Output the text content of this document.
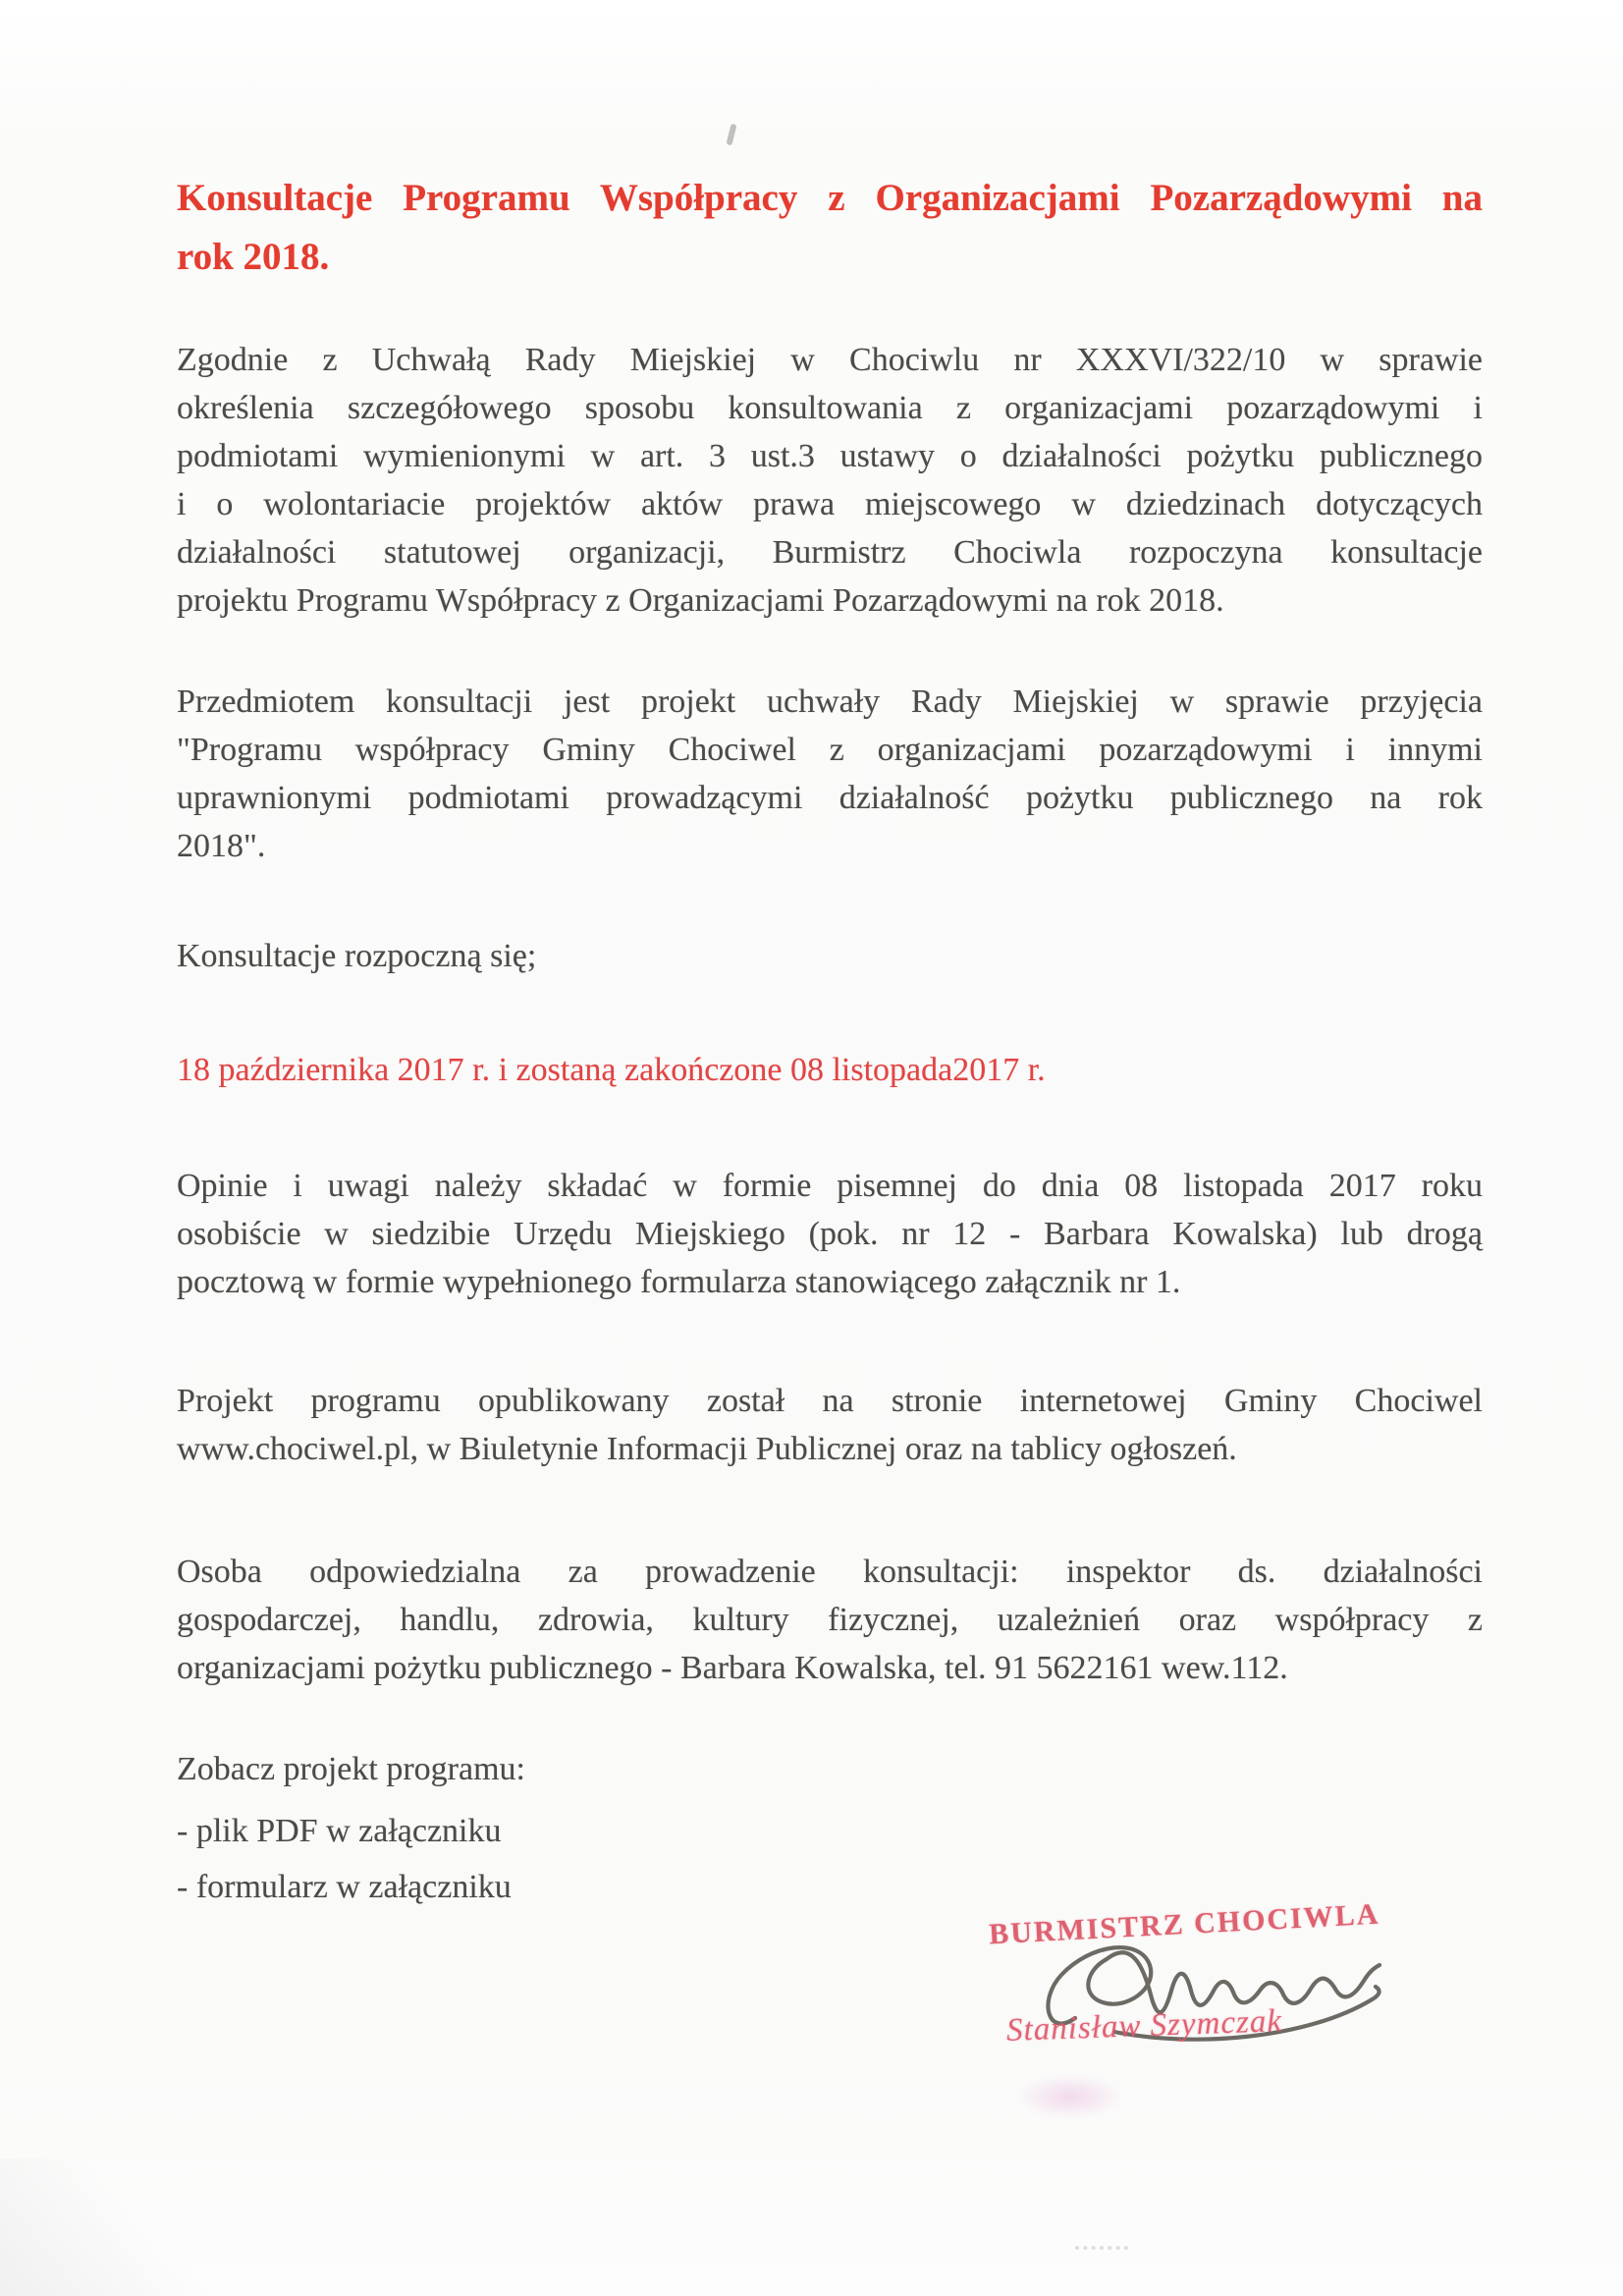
Konsultacje Programu Współpracy z Organizacjami Pozarządowymi na
rok 2018.
Zgodnie z Uchwałą Rady Miejskiej w Chociwlu nr XXXVI/322/10 w sprawie
określenia szczegółowego sposobu konsultowania z organizacjami pozarządowymi i
podmiotami wymienionymi w art. 3 ust.3 ustawy o działalności pożytku publicznego
i o wolontariacie projektów aktów prawa miejscowego w dziedzinach dotyczących
działalności statutowej organizacji, Burmistrz Chociwla rozpoczyna konsultacje
projektu Programu Współpracy z Organizacjami Pozarządowymi na rok 2018.
Przedmiotem konsultacji jest projekt uchwały Rady Miejskiej w sprawie przyjęcia
"Programu współpracy Gminy Chociwel z organizacjami pozarządowymi i innymi
uprawnionymi podmiotami prowadzącymi działalność pożytku publicznego na rok
2018".
Konsultacje rozpoczną się;
18 października 2017 r. i zostaną zakończone 08 listopada2017 r.
Opinie i uwagi należy składać w formie pisemnej do dnia 08 listopada 2017 roku
osobiście w siedzibie Urzędu Miejskiego (pok. nr 12 - Barbara Kowalska) lub drogą
pocztową w formie wypełnionego formularza stanowiącego załącznik nr 1.
Projekt programu opublikowany został na stronie internetowej Gminy Chociwel
www.chociwel.pl, w Biuletynie Informacji Publicznej oraz na tablicy ogłoszeń.
Osoba odpowiedzialna za prowadzenie konsultacji: inspektor ds. działalności
gospodarczej, handlu, zdrowia, kultury fizycznej, uzależnień oraz współpracy z
organizacjami pożytku publicznego - Barbara Kowalska, tel. 91 5622161 wew.112.
Zobacz projekt programu:
- plik PDF w załączniku
- formularz w załączniku
BURMISTRZ CHOCIWLA
Stanisław Szymczak
